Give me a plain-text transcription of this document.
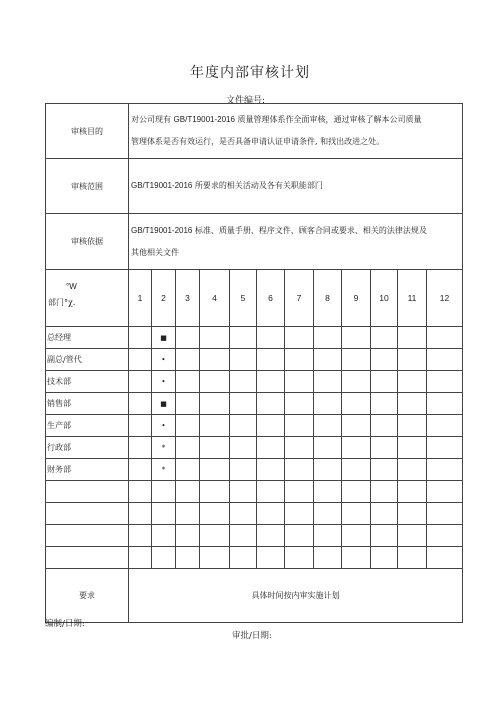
年度内部审核计划
文件编号:
审核目的	对公司现有 GB/T19001-2016 质量管理体系作全面审核，通过审核了解本公司质量
管理体系是否有效运行，是否具备申请认证申请条件, 和找出改进之处。											
审核范围	GB/T19001-2016 所要求的相关活动及各有关职能部门											
审核依据	GB/T19001-2016 标准、质量手册、程序文件、顾客合同或要求、相关的法律法规及
其他相关文件											

°W
部门°χ.	1	2	3	4	5	6	7	8	9	10	11	12
总经理		■										
副总/管代		•										
技术部		•										
销售部		■										
生产部		•										
行政部		*										
财务部		*										

要求	具体时间按内审实施计划											
编制/日期:
审批/日期:
